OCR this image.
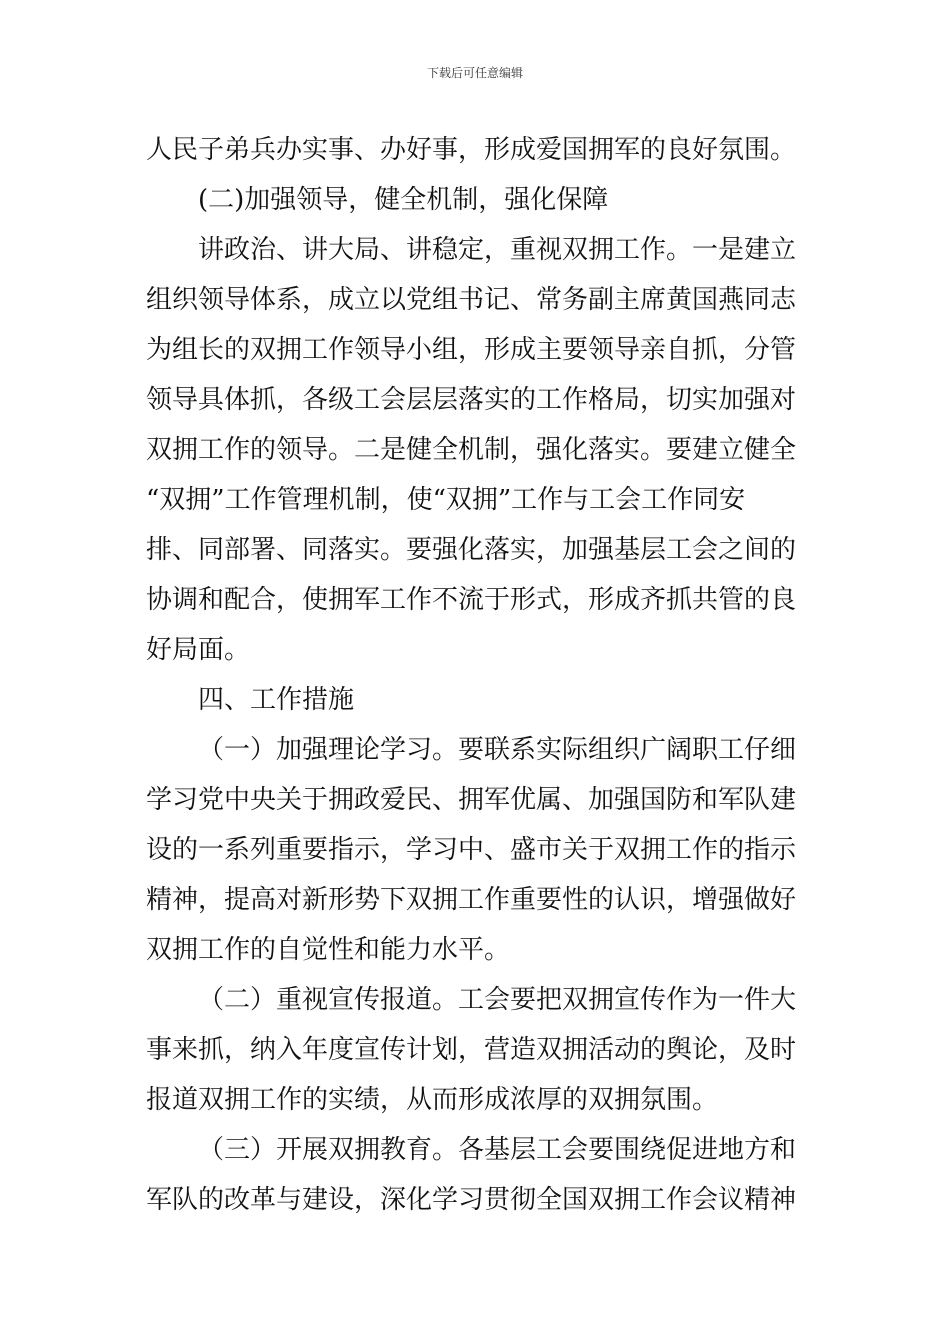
下载后可任意编辑
人民子弟兵办实事、办好事，形成爱国拥军的良好氛围。
(二)加强领导，健全机制，强化保障
讲政治、讲大局、讲稳定，重视双拥工作。一是建立
组织领导体系，成立以党组书记、常务副主席黄国燕同志
为组长的双拥工作领导小组，形成主要领导亲自抓，分管
领导具体抓，各级工会层层落实的工作格局，切实加强对
双拥工作的领导。二是健全机制，强化落实。要建立健全
“双拥”工作管理机制，使“双拥”工作与工会工作同安
排、同部署、同落实。要强化落实，加强基层工会之间的
协调和配合，使拥军工作不流于形式，形成齐抓共管的良
好局面。
四、工作措施
（一）加强理论学习。要联系实际组织广阔职工仔细
学习党中央关于拥政爱民、拥军优属、加强国防和军队建
设的一系列重要指示，学习中、盛市关于双拥工作的指示
精神，提高对新形势下双拥工作重要性的认识，增强做好
双拥工作的自觉性和能力水平。
（二）重视宣传报道。工会要把双拥宣传作为一件大
事来抓，纳入年度宣传计划，营造双拥活动的舆论，及时
报道双拥工作的实绩，从而形成浓厚的双拥氛围。
（三）开展双拥教育。各基层工会要围绕促进地方和
军队的改革与建设，深化学习贯彻全国双拥工作会议精神
